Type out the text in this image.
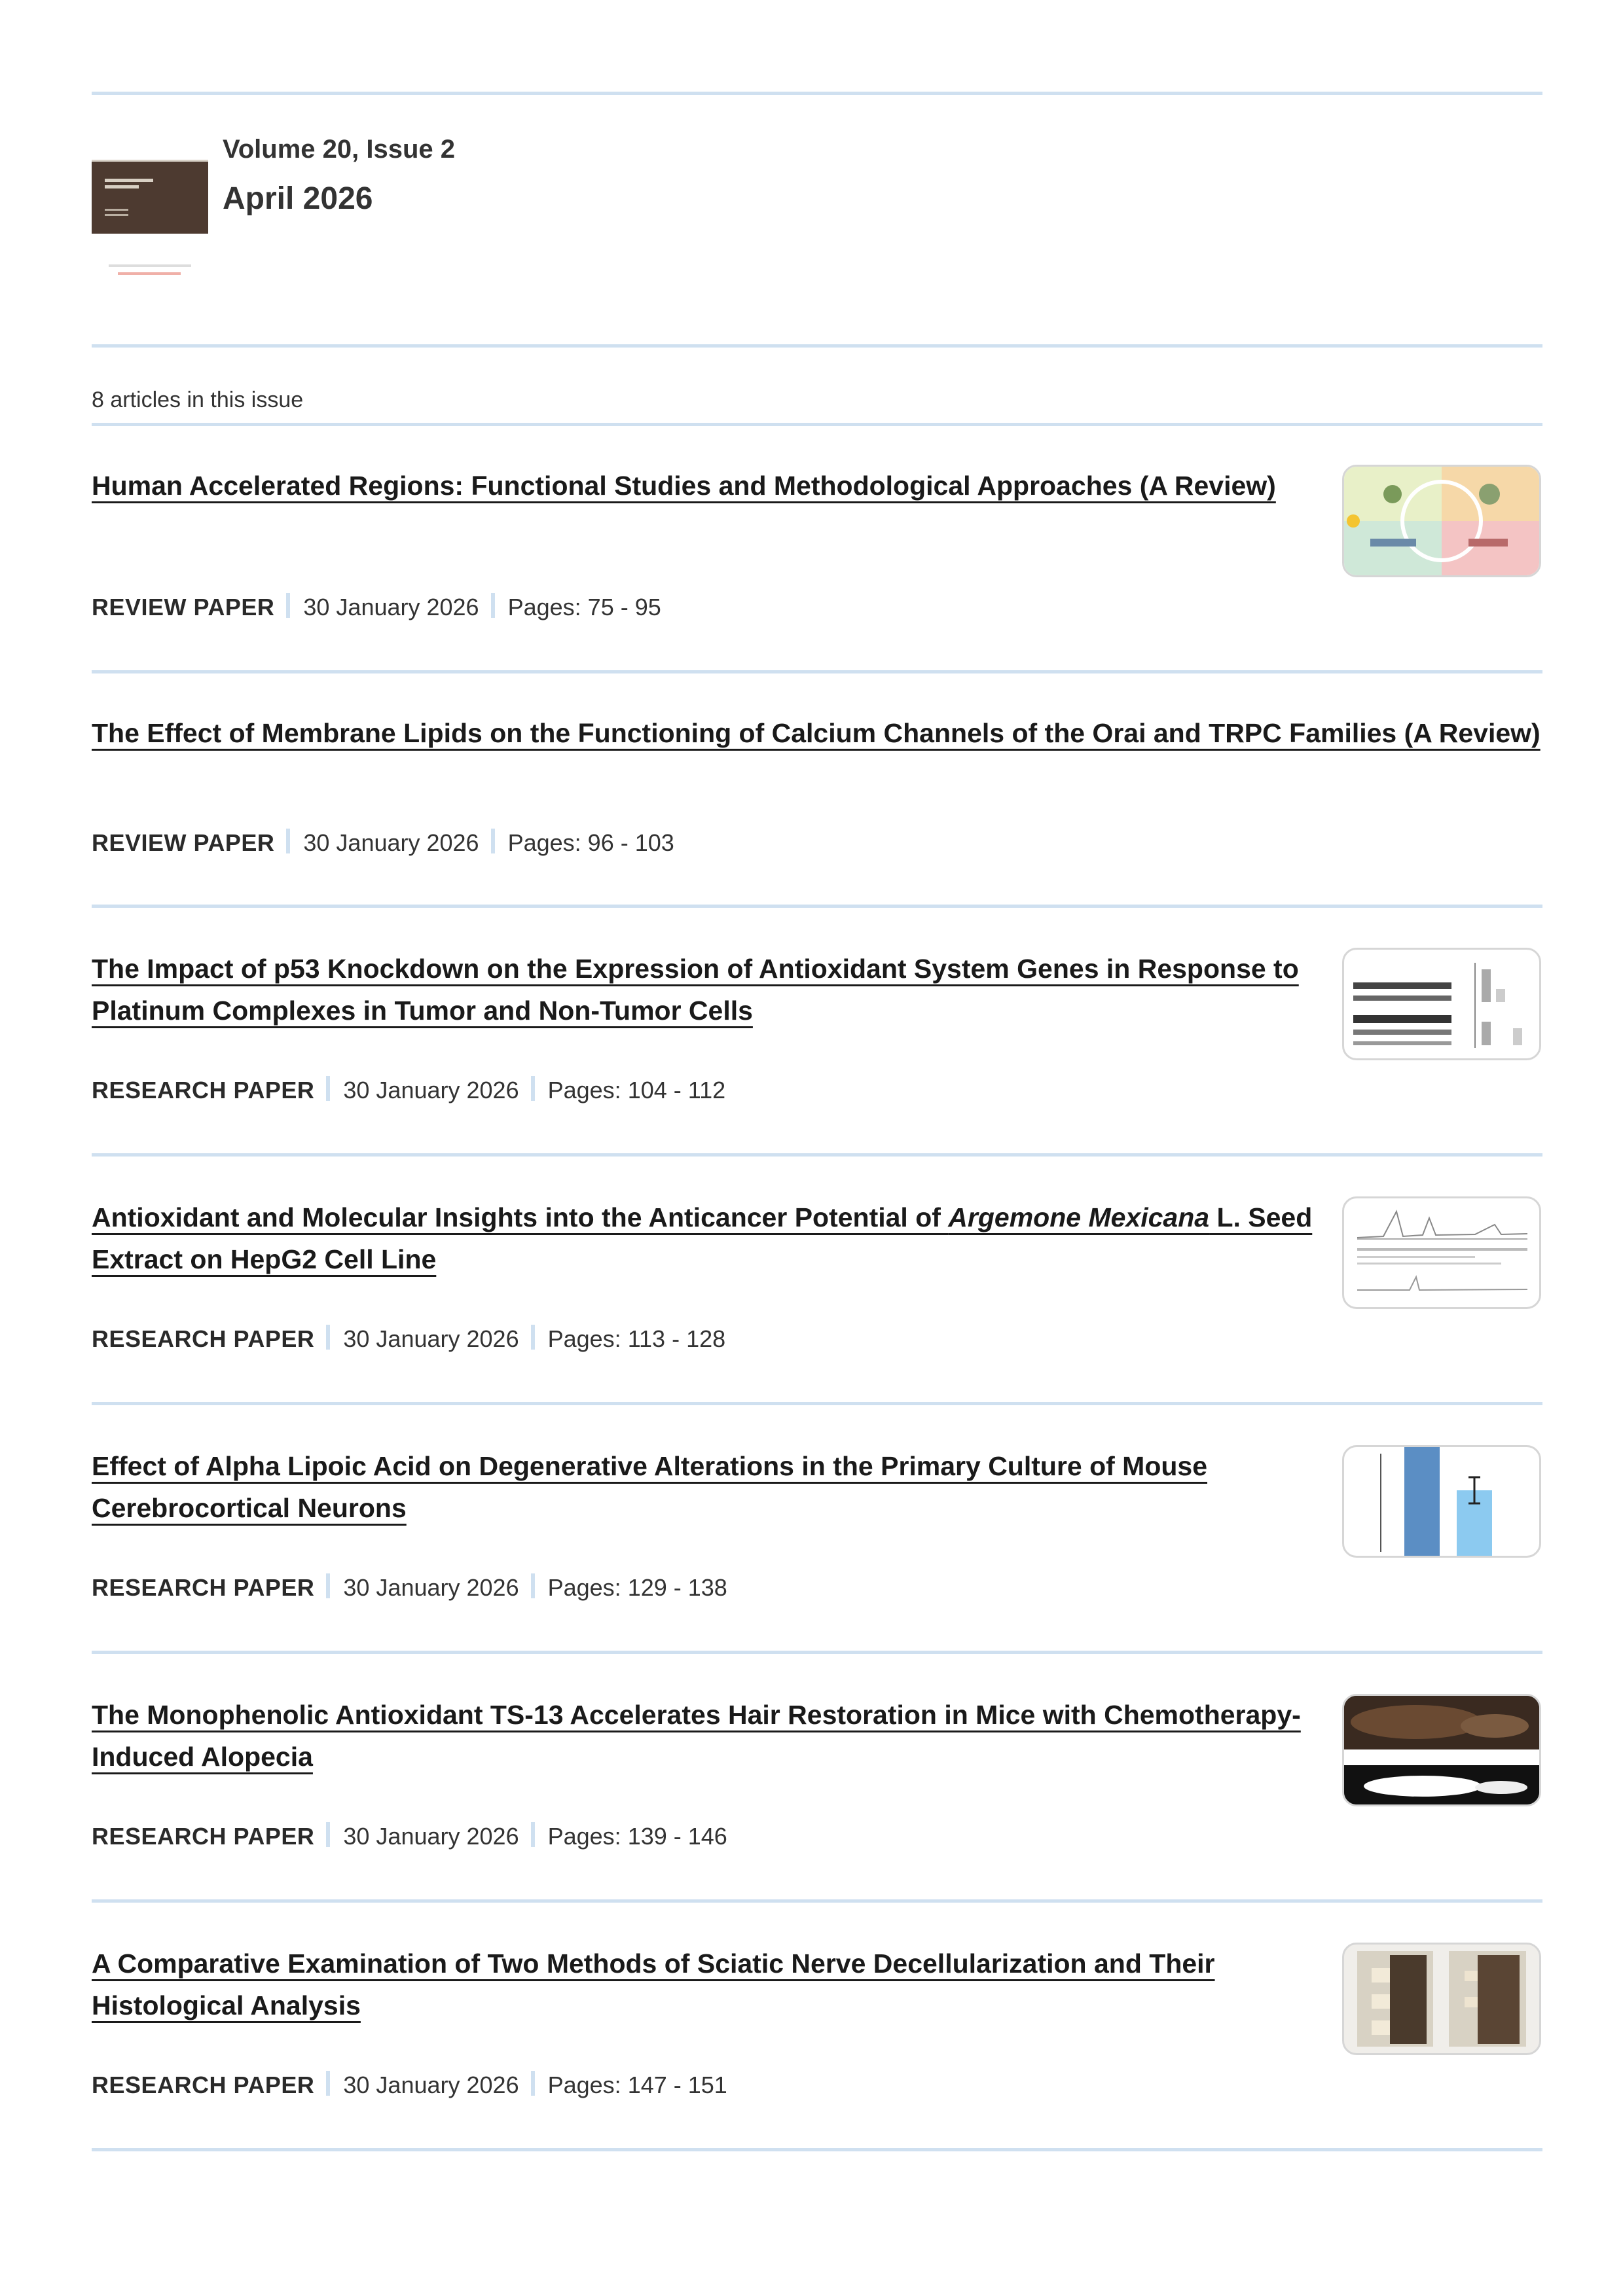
Volume 20, Issue 2
April 2026
8 articles in this issue
Human Accelerated Regions: Functional Studies and Methodological Approaches (A Review)
REVIEW PAPER 30 January 2026 Pages: 75 - 95
The Effect of Membrane Lipids on the Functioning of Calcium Channels of the Orai and TRPC Families (A Review)
REVIEW PAPER 30 January 2026 Pages: 96 - 103
The Impact of p53 Knockdown on the Expression of Antioxidant System Genes in Response to Platinum Complexes in Tumor and Non-Tumor Cells
RESEARCH PAPER 30 January 2026 Pages: 104 - 112
Antioxidant and Molecular Insights into the Anticancer Potential of Argemone Mexicana L. Seed Extract on HepG2 Cell Line
RESEARCH PAPER 30 January 2026 Pages: 113 - 128
Effect of Alpha Lipoic Acid on Degenerative Alterations in the Primary Culture of Mouse Cerebrocortical Neurons
RESEARCH PAPER 30 January 2026 Pages: 129 - 138
The Monophenolic Antioxidant TS-13 Accelerates Hair Restoration in Mice with Chemotherapy-Induced Alopecia
RESEARCH PAPER 30 January 2026 Pages: 139 - 146
A Comparative Examination of Two Methods of Sciatic Nerve Decellularization and Their Histological Analysis
RESEARCH PAPER 30 January 2026 Pages: 147 - 151
